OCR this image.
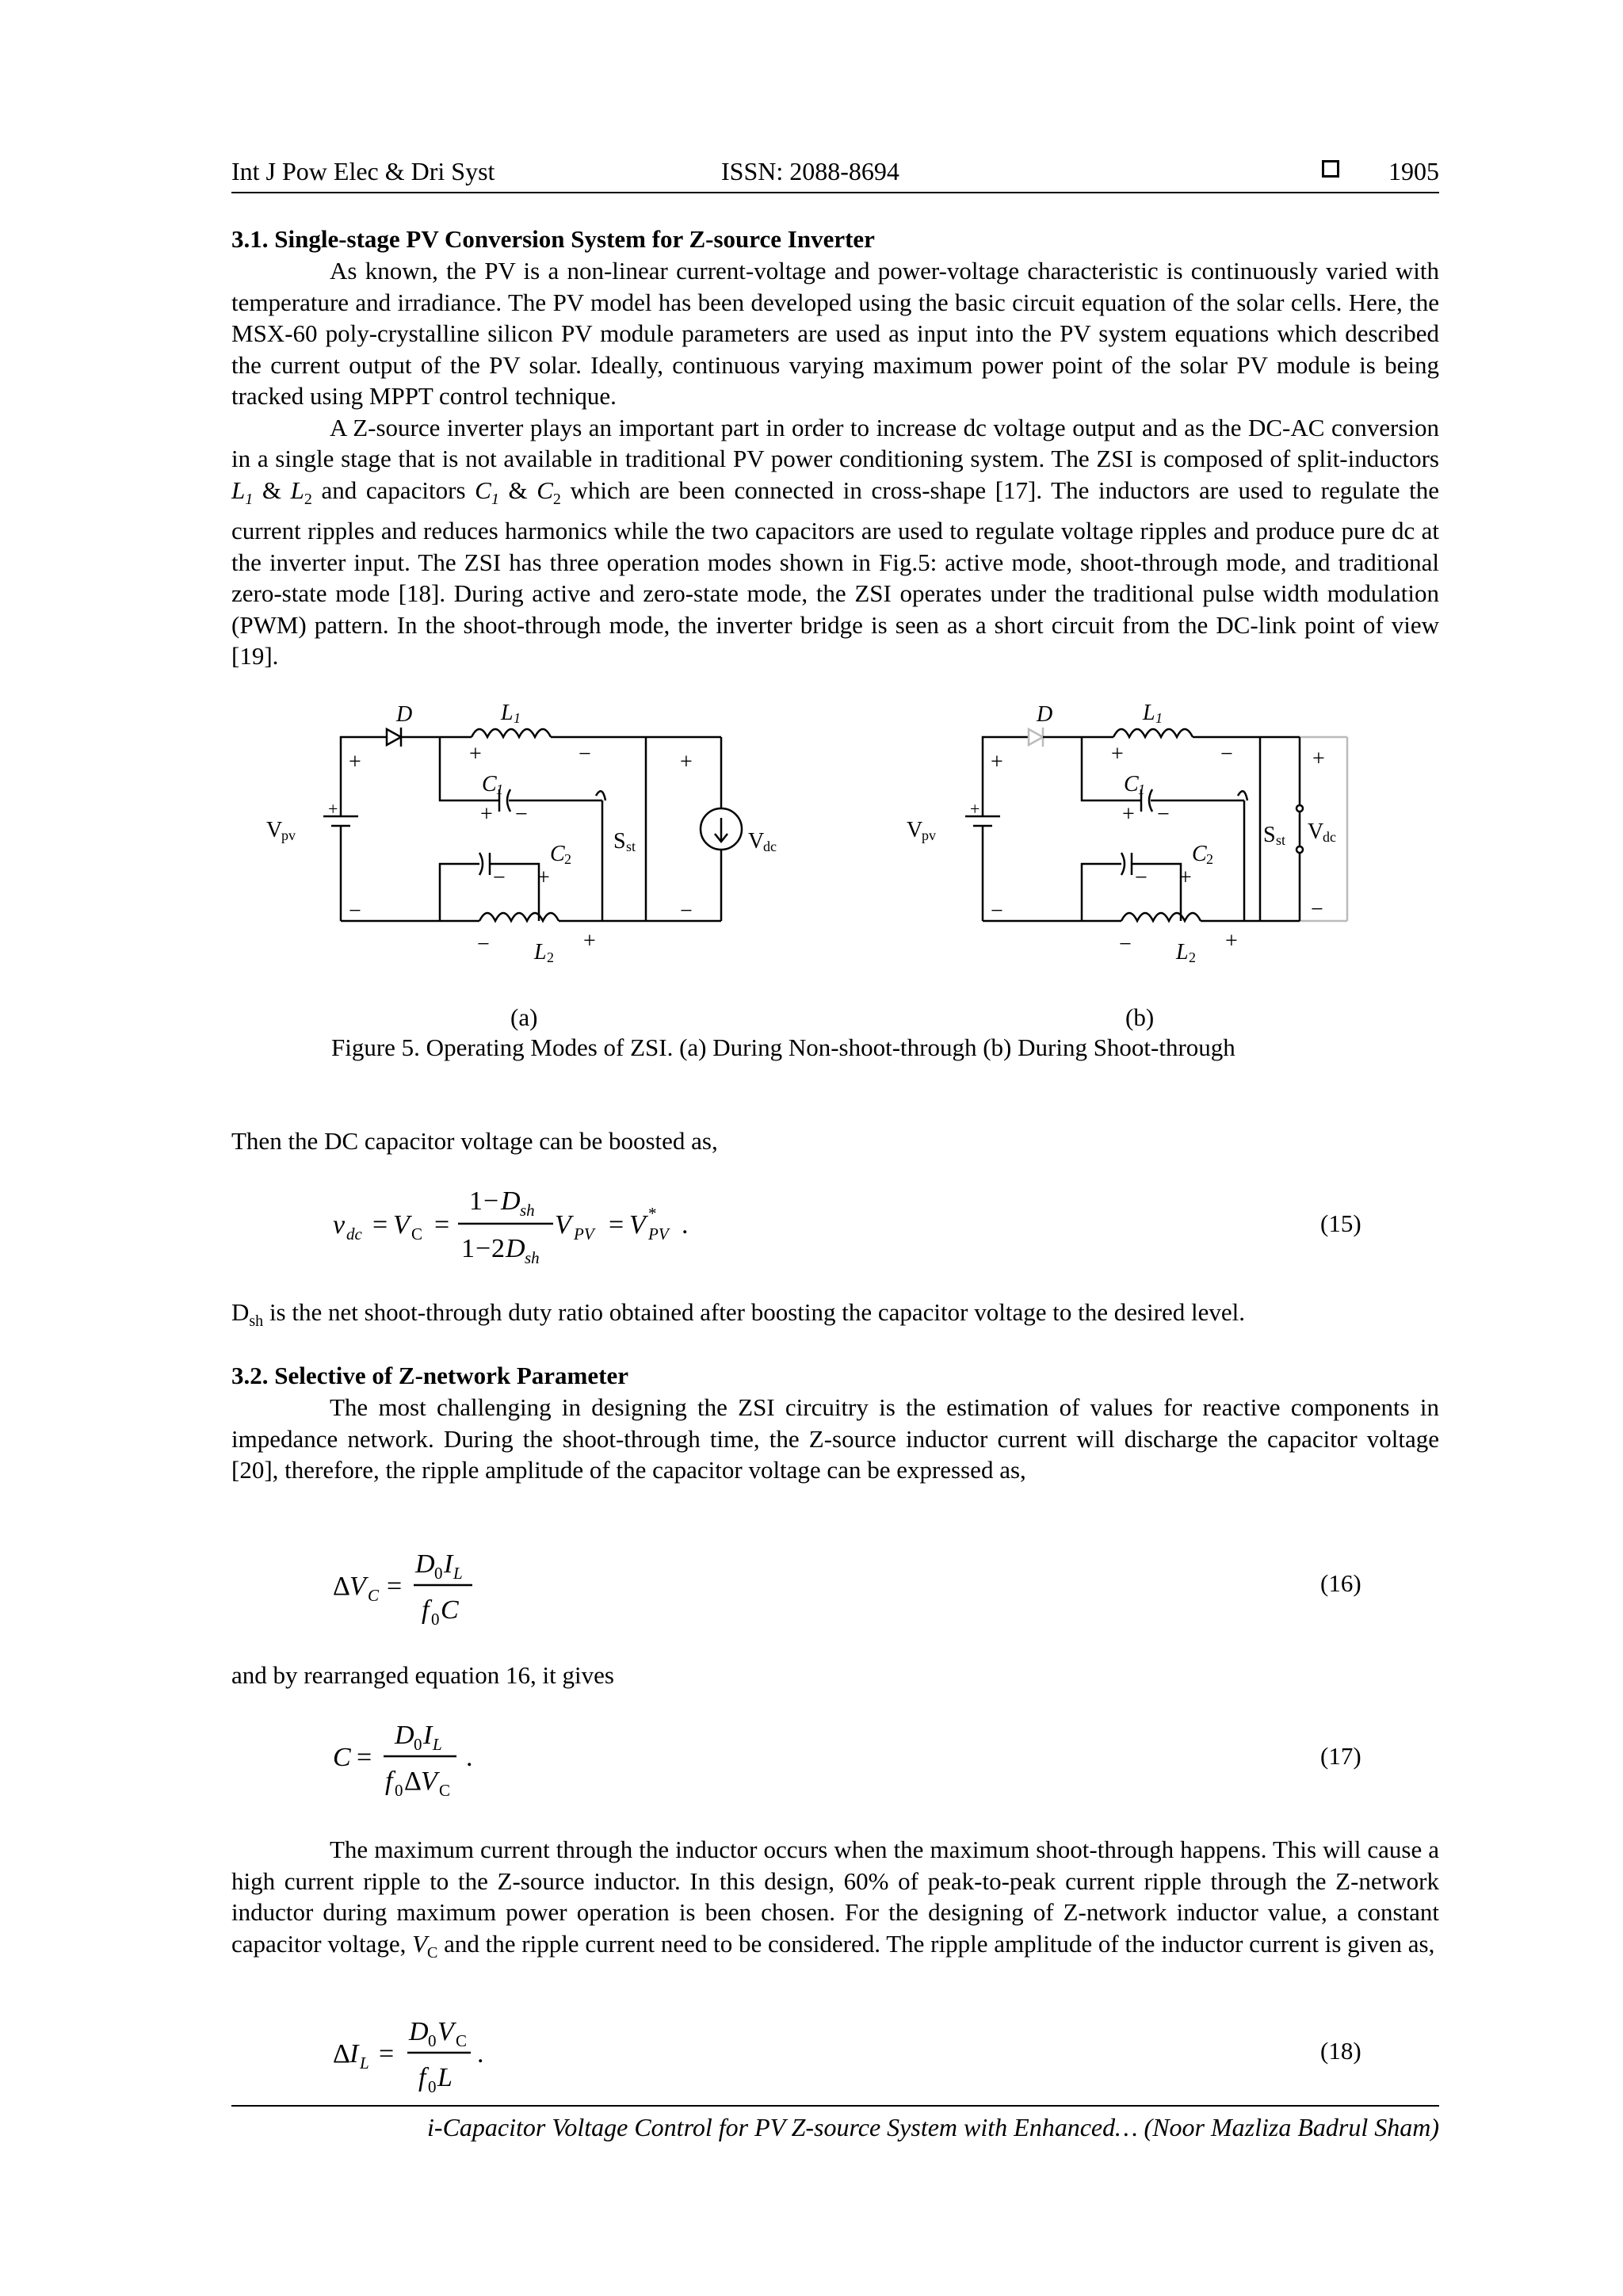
Int J Pow Elec & Dri Syst	ISSN: 2088-8694	1905
3.1. Single-stage PV Conversion System for Z-source Inverter

As known, the PV is a non-linear current-voltage and power-voltage characteristic is continuously varied with temperature and irradiance. The PV model has been developed using the basic circuit equation of the solar cells. Here, the MSX-60 poly-crystalline silicon PV module parameters are used as input into the PV system equations which described the current output of the PV solar. Ideally, continuous varying maximum power point of the solar PV module is being tracked using MPPT control technique.

A Z-source inverter plays an important part in order to increase dc voltage output and as the DC-AC conversion in a single stage that is not available in traditional PV power conditioning system. The ZSI is composed of split-inductors $L_1$ & $L_2$ and capacitors $C_1$ & $C_2$ which are been connected in cross-shape [17]. The inductors are used to regulate the current ripples and reduces harmonics while the two capacitors are used to regulate voltage ripples and produce pure dc at the inverter input. The ZSI has three operation modes shown in Fig.5: active mode, shoot-through mode, and traditional zero-state mode [18]. During active and zero-state mode, the ZSI operates under the traditional pulse width modulation (PWM) pattern. In the shoot-through mode, the inverter bridge is seen as a short circuit from the DC-link point of view [19].

D	L 1
+	+	−	+
C 1
+ −
+
V
pv
C 2
− +
S st	V
dc
−	−
−	+
L 2
D	L 1
+	+	−	+
C 1
+ −
+
V
pv
C 2
− +
S st V
dc
−	−
−	+
L 2
(a)	(b)
Figure 5. Operating Modes of ZSI. (a) During Non-shoot-through (b) During Shoot-through
Then the DC capacitor voltage can be boosted as,
v dc = V C =
1 − D sh
1 − 2 D sh
V PV = V *
PV .	(15)
$D_{sh}$ is the net shoot-through duty ratio obtained after boosting the capacitor voltage to the desired level.
3.2. Selective of Z-network Parameter

The most challenging in designing the ZSI circuitry is the estimation of values for reactive components in impedance network. During the shoot-through time, the Z-source inductor current will discharge the capacitor voltage [20], therefore, the ripple amplitude of the capacitor voltage can be expressed as,

Δ V C =
D 0 I L
f 0 C
(16)
and by rearranged equation 16, it gives
C =
D 0 I L
f 0 Δ V C
.	(17)

The maximum current through the inductor occurs when the maximum shoot-through happens. This will cause a high current ripple to the Z-source inductor. In this design, 60% of peak-to-peak current ripple through the Z-network inductor during maximum power operation is been chosen. For the designing of Z-network inductor value, a constant capacitor voltage, $V_C$ and the ripple current need to be considered. The ripple amplitude of the inductor current is given as,

Δ I L =
D 0 V C
f 0 L
.	(18)
i-Capacitor Voltage Control for PV Z-source System with Enhanced… (Noor Mazliza Badrul Sham)
